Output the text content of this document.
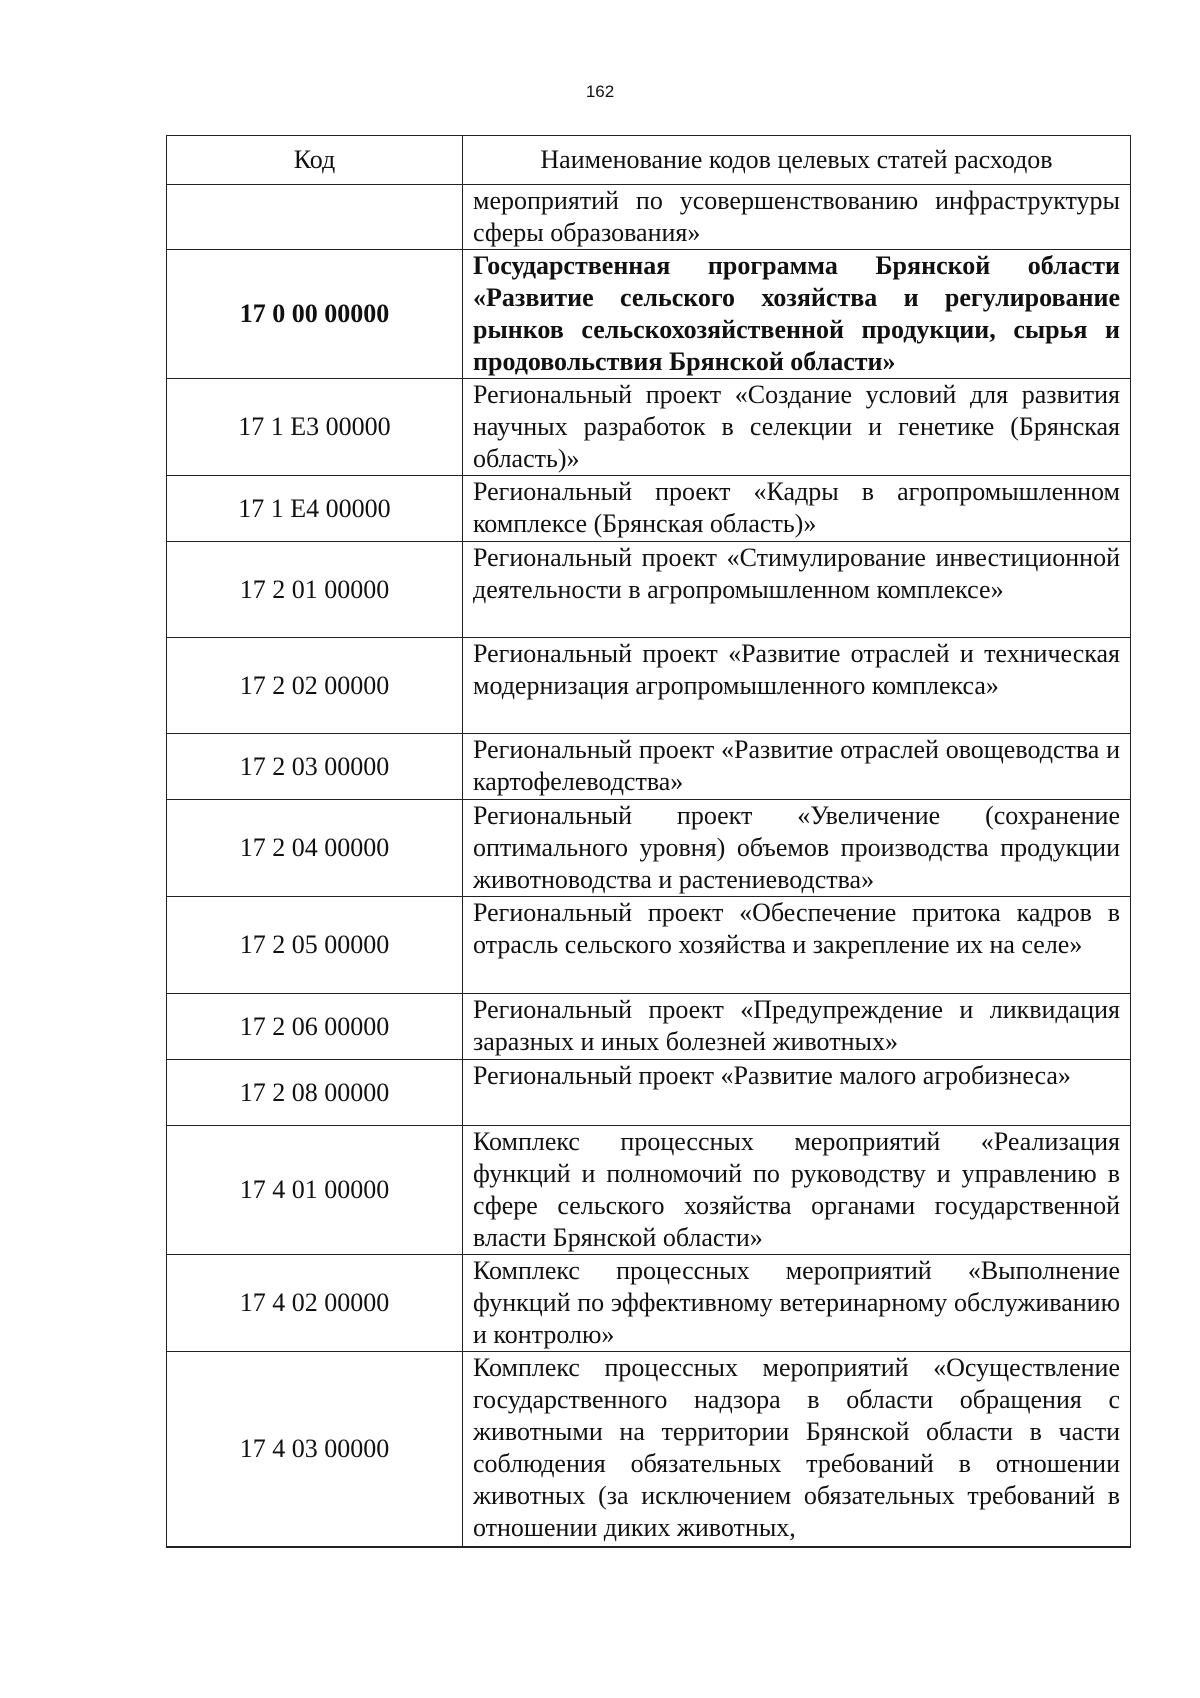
162
Код	Наименование кодов целевых статей расходов
	мероприятий по усовершенствованию инфраструктуры сферы образования»
17 0 00 00000	Государственная программа Брянской области «Развитие сельского хозяйства и регулирование рынков сельскохозяйственной продукции, сырья и продовольствия Брянской области»
17 1 Е3 00000	Региональный проект «Создание условий для развития научных разработок в селекции и генетике (Брянская область)»
17 1 Е4 00000	Региональный проект «Кадры в агропромышленном комплексе (Брянская область)»
17 2 01 00000	Региональный проект «Стимулирование инвестиционной деятельности в агропромышленном комплексе»
17 2 02 00000	Региональный проект «Развитие отраслей и техническая модернизация агропромышленного комплекса»
17 2 03 00000	Региональный проект «Развитие отраслей овощеводства и картофелеводства»
17 2 04 00000	Региональный проект «Увеличение (сохранение оптимального уровня) объемов производства продукции животноводства и растениеводства»
17 2 05 00000	Региональный проект «Обеспечение притока кадров в отрасль сельского хозяйства и закрепление их на селе»
17 2 06 00000	Региональный проект «Предупреждение и ликвидация заразных и иных болезней животных»
17 2 08 00000	Региональный проект «Развитие малого агробизнеса»
17 4 01 00000	Комплекс процессных мероприятий «Реализация функций и полномочий по руководству и управлению в сфере сельского хозяйства органами государственной власти Брянской области»
17 4 02 00000	Комплекс процессных мероприятий «Выполнение функций по эффективному ветеринарному обслуживанию и контролю»
17 4 03 00000	Комплекс процессных мероприятий «Осуществление государственного надзора в области обращения с животными на территории Брянской области в части соблюдения обязательных требований в отношении животных (за исключением обязательных требований в отношении диких животных,
